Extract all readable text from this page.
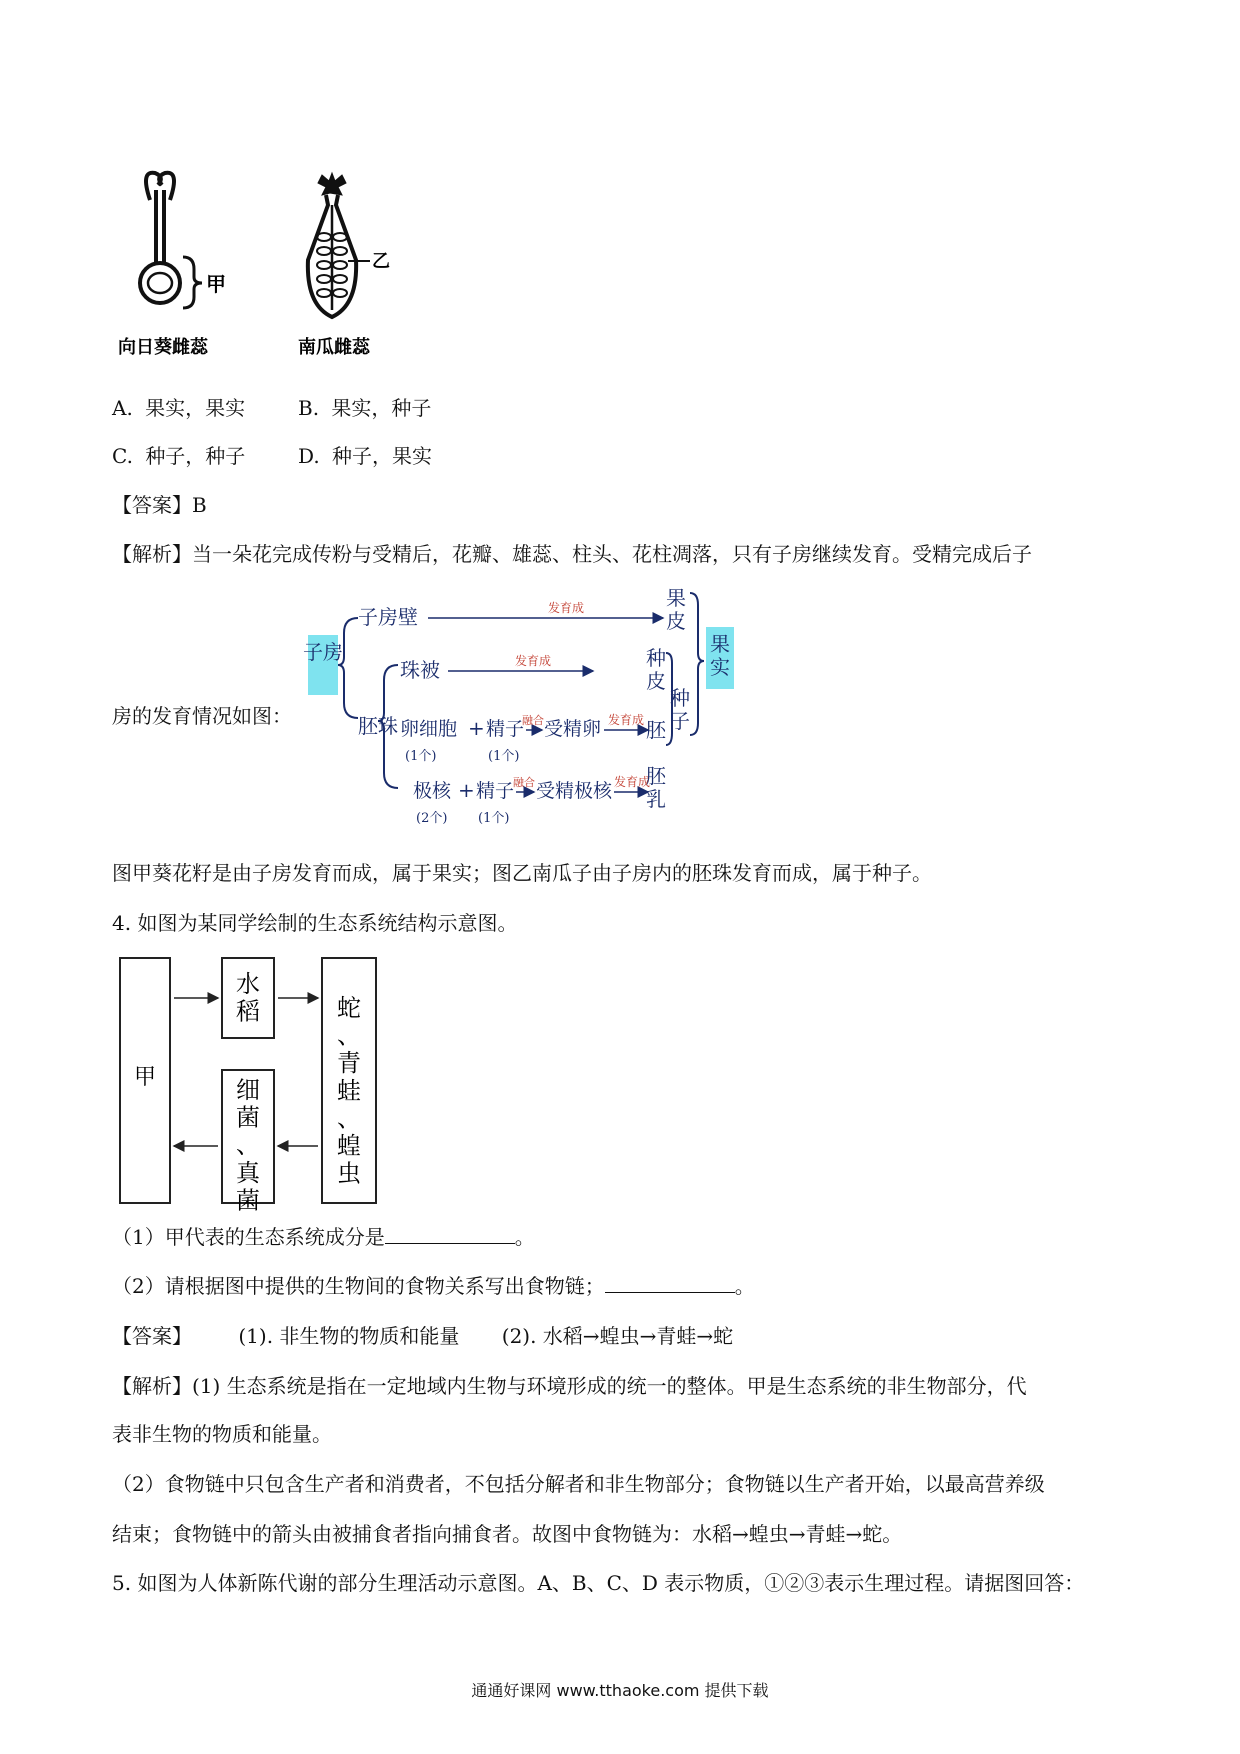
甲
向日葵雌蕊
乙
南瓜雌蕊
A. 果实，果实	B. 果实，种子
C. 种子，种子	D. 种子，果实
【答案】B
【解析】当一朵花完成传粉与受精后，花瓣、雄蕊、柱头、花柱凋落，只有子房继续发育。受精完成后子
房的发育情况如图：
子房
子房壁	发育成
胚珠
珠被	发育成
卵细胞
(1个)
+ 精子
(1个)
融合 受精卵 发育成
极核
(2个)
+ 精子
(1个)
融合 受精极核 发育成
果皮
种皮
胚
胚乳
种子
果实
图甲葵花籽是由子房发育而成，属于果实；图乙南瓜子由子房内的胚珠发育而成，属于种子。
4. 如图为某同学绘制的生态系统结构示意图。
甲
水稻
细菌、真菌
蛇、青蛙、蝗虫
（1）甲代表的生态系统成分是	。
（2）请根据图中提供的生物间的食物关系写出食物链；	。
【答案】 (1). 非生物的物质和能量 (2). 水稻→蝗虫→青蛙→蛇
【解析】(1) 生态系统是指在一定地域内生物与环境形成的统一的整体。甲是生态系统的非生物部分，代
表非生物的物质和能量。
（2）食物链中只包含生产者和消费者，不包括分解者和非生物部分；食物链以生产者开始，以最高营养级
结束；食物链中的箭头由被捕食者指向捕食者。故图中食物链为：水稻→蝗虫→青蛙→蛇。
5. 如图为人体新陈代谢的部分生理活动示意图。A、B、C、D 表示物质，①②③表示生理过程。请据图回答：
通通好课网 www.tthaoke.com 提供下载
